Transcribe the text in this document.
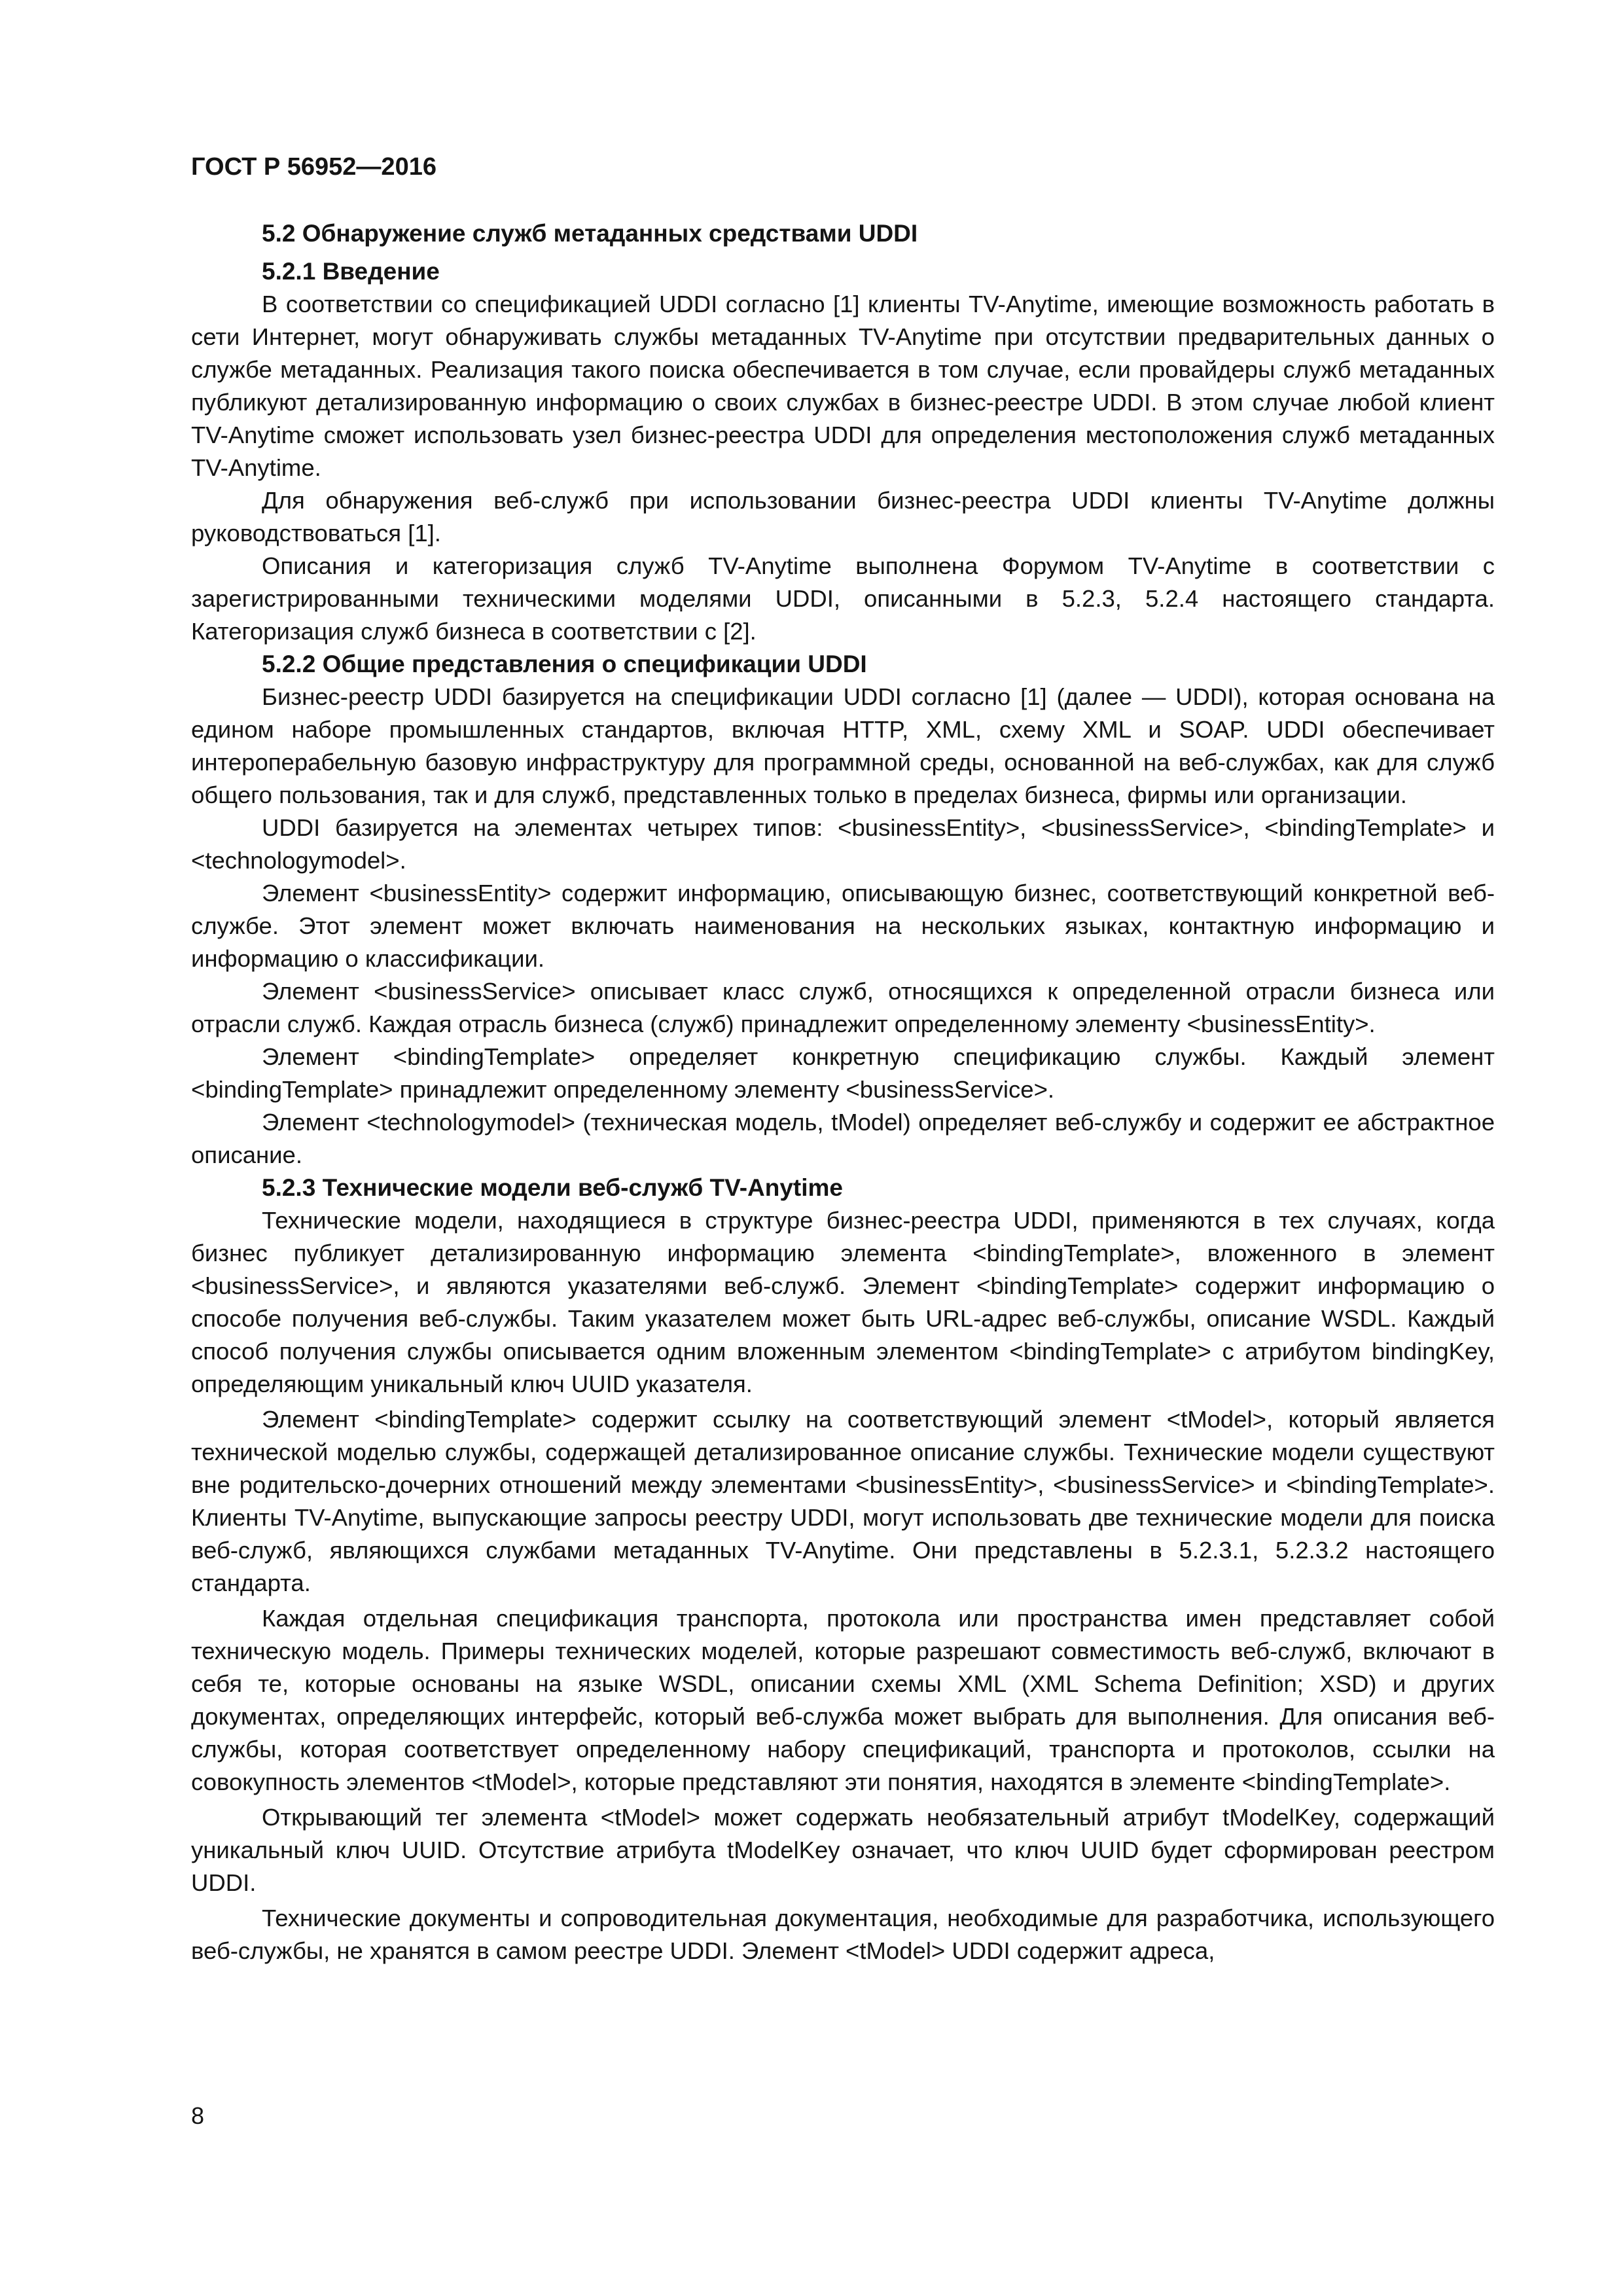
ГОСТ Р 56952—2016
5.2 Обнаружение служб метаданных средствами UDDI
5.2.1 Введение

В соответствии со спецификацией UDDI согласно [1] клиенты TV-Anytime, имеющие возможность работать в сети Интернет, могут обнаруживать службы метаданных TV-Anytime при отсутствии предварительных данных о службе метаданных. Реализация такого поиска обеспечивается в том случае, если провайдеры служб метаданных публикуют детализированную информацию о своих службах в бизнес-реестре UDDI. В этом случае любой клиент TV-Anytime сможет использовать узел бизнес-реестра UDDI для определения местоположения служб метаданных TV-Anytime.

Для обнаружения веб-служб при использовании бизнес-реестра UDDI клиенты TV-Anytime должны руководствоваться [1].

Описания и категоризация служб TV-Anytime выполнена Форумом TV-Anytime в соответствии с зарегистрированными техническими моделями UDDI, описанными в 5.2.3, 5.2.4 настоящего стандарта. Категоризация служб бизнеса в соответствии с [2].

5.2.2 Общие представления о спецификации UDDI

Бизнес-реестр UDDI базируется на спецификации UDDI согласно [1] (далее — UDDI), которая основана на едином наборе промышленных стандартов, включая HTTP, XML, схему XML и SOAP. UDDI обеспечивает интероперабельную базовую инфраструктуру для программной среды, основанной на веб-службах, как для служб общего пользования, так и для служб, представленных только в пределах бизнеса, фирмы или организации.

UDDI базируется на элементах четырех типов: <businessEntity>, <businessService>, <bindingTemplate> и <technologymodel>.

Элемент <businessEntity> содержит информацию, описывающую бизнес, соответствующий конкретной веб-службе. Этот элемент может включать наименования на нескольких языках, контактную информацию и информацию о классификации.

Элемент <businessService> описывает класс служб, относящихся к определенной отрасли бизнеса или отрасли служб. Каждая отрасль бизнеса (служб) принадлежит определенному элементу <businessEntity>.

Элемент <bindingTemplate> определяет конкретную спецификацию службы. Каждый элемент <bindingTemplate> принадлежит определенному элементу <businessService>.

Элемент <technologymodel> (техническая модель, tModel) определяет веб-службу и содержит ее абстрактное описание.

5.2.3 Технические модели веб-служб TV-Anytime

Технические модели, находящиеся в структуре бизнес-реестра UDDI, применяются в тех случаях, когда бизнес публикует детализированную информацию элемента <bindingTemplate>, вложенного в элемент <businessService>, и являются указателями веб-служб. Элемент <bindingTemplate> содержит информацию о способе получения веб-службы. Таким указателем может быть URL-адрес веб-службы, описание WSDL. Каждый способ получения службы описывается одним вложенным элементом <bindingTemplate> с атрибутом bindingKey, определяющим уникальный ключ UUID указателя.

Элемент <bindingTemplate> содержит ссылку на соответствующий элемент <tModel>, который является технической моделью службы, содержащей детализированное описание службы. Технические модели существуют вне родительско-дочерних отношений между элементами <businessEntity>, <businessService> и <bindingTemplate>. Клиенты TV-Anytime, выпускающие запросы реестру UDDI, могут использовать две технические модели для поиска веб-служб, являющихся службами метаданных TV-Anytime. Они представлены в 5.2.3.1, 5.2.3.2 настоящего стандарта.

Каждая отдельная спецификация транспорта, протокола или пространства имен представляет собой техническую модель. Примеры технических моделей, которые разрешают совместимость веб-служб, включают в себя те, которые основаны на языке WSDL, описании схемы XML (XML Schema Definition; XSD) и других документах, определяющих интерфейс, который веб-служба может выбрать для выполнения. Для описания веб-службы, которая соответствует определенному набору спецификаций, транспорта и протоколов, ссылки на совокупность элементов <tModel>, которые представляют эти понятия, находятся в элементе <bindingTemplate>.

Открывающий тег элемента <tModel> может содержать необязательный атрибут tModelKey, содержащий уникальный ключ UUID. Отсутствие атрибута tModelKey означает, что ключ UUID будет сформирован реестром UDDI.

Технические документы и сопроводительная документация, необходимые для разработчика, использующего веб-службы, не хранятся в самом реестре UDDI. Элемент <tModel> UDDI содержит адреса,

8
